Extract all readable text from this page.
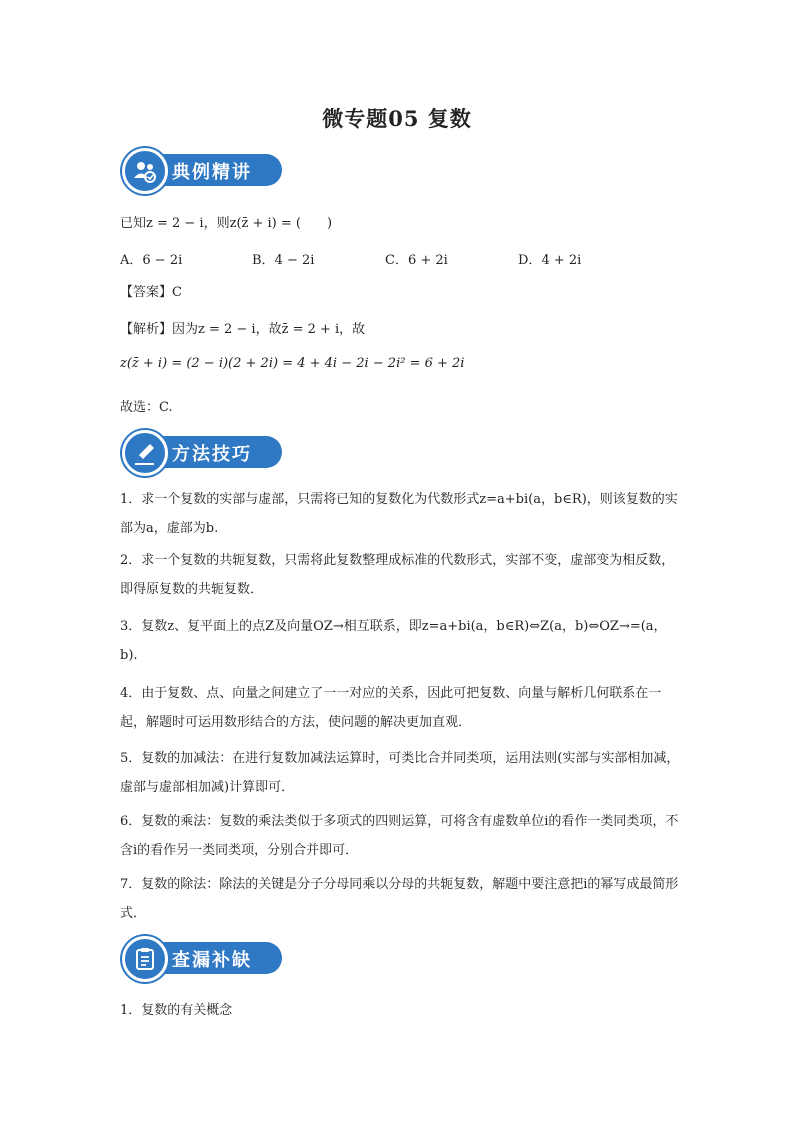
微专题05 复数
典例精讲
已知z = 2 − i，则z(z̄ + i) = (　　)
A．6 − 2i	B．4 − 2i	C．6 + 2i	D．4 + 2i
【答案】C
【解析】因为z = 2 − i，故z̄ = 2 + i，故
z(z̄ + i) = (2 − i)(2 + 2i) = 4 + 4i − 2i − 2i² = 6 + 2i
故选：C.
方法技巧
1．求一个复数的实部与虚部，只需将已知的复数化为代数形式z=a+bi(a，b∈R)，则该复数的实部为a，虚部为b.
2．求一个复数的共轭复数，只需将此复数整理成标准的代数形式，实部不变，虚部变为相反数，即得原复数的共轭复数．
3．复数z、复平面上的点Z及向量OZ→相互联系，即z=a+bi(a，b∈R)⇔Z(a，b)⇔OZ→=(a，b).
4．由于复数、点、向量之间建立了一一对应的关系，因此可把复数、向量与解析几何联系在一起，解题时可运用数形结合的方法，使问题的解决更加直观．
5．复数的加减法：在进行复数加减法运算时，可类比合并同类项，运用法则(实部与实部相加减，虚部与虚部相加减)计算即可．
6．复数的乘法：复数的乘法类似于多项式的四则运算，可将含有虚数单位i的看作一类同类项，不含i的看作另一类同类项，分别合并即可．
7．复数的除法：除法的关键是分子分母同乘以分母的共轭复数，解题中要注意把i的幂写成最简形式．
查漏补缺
1．复数的有关概念
